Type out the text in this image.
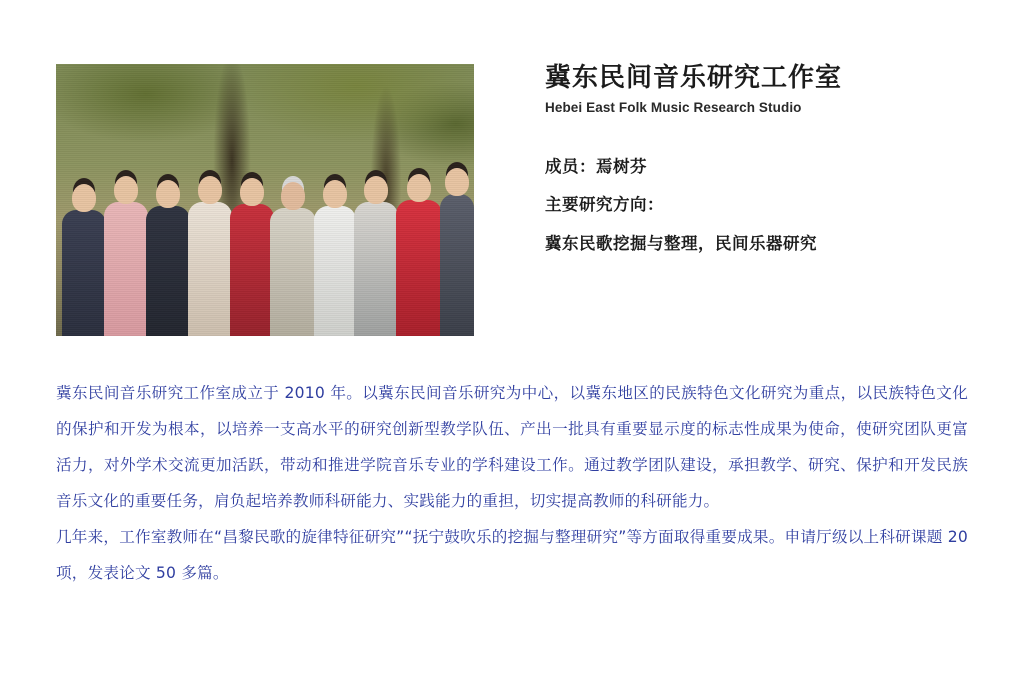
冀东民间音乐研究工作室
Hebei East Folk Music Research Studio
成员：焉树芬
主要研究方向：
冀东民歌挖掘与整理，民间乐器研究

冀东民间音乐研究工作室成立于 2010 年。以冀东民间音乐研究为中心，以冀东地区的民族特色文化研究为重点，以民族特色文化的保护和开发为根本，以培养一支高水平的研究创新型教学队伍、产出一批具有重要显示度的标志性成果为使命，使研究团队更富活力，对外学术交流更加活跃，带动和推进学院音乐专业的学科建设工作。通过教学团队建设，承担教学、研究、保护和开发民族音乐文化的重要任务，肩负起培养教师科研能力、实践能力的重担，切实提高教师的科研能力。

几年来，工作室教师在“昌黎民歌的旋律特征研究”“抚宁鼓吹乐的挖掘与整理研究”等方面取得重要成果。申请厅级以上科研课题 20 项，发表论文 50 多篇。
